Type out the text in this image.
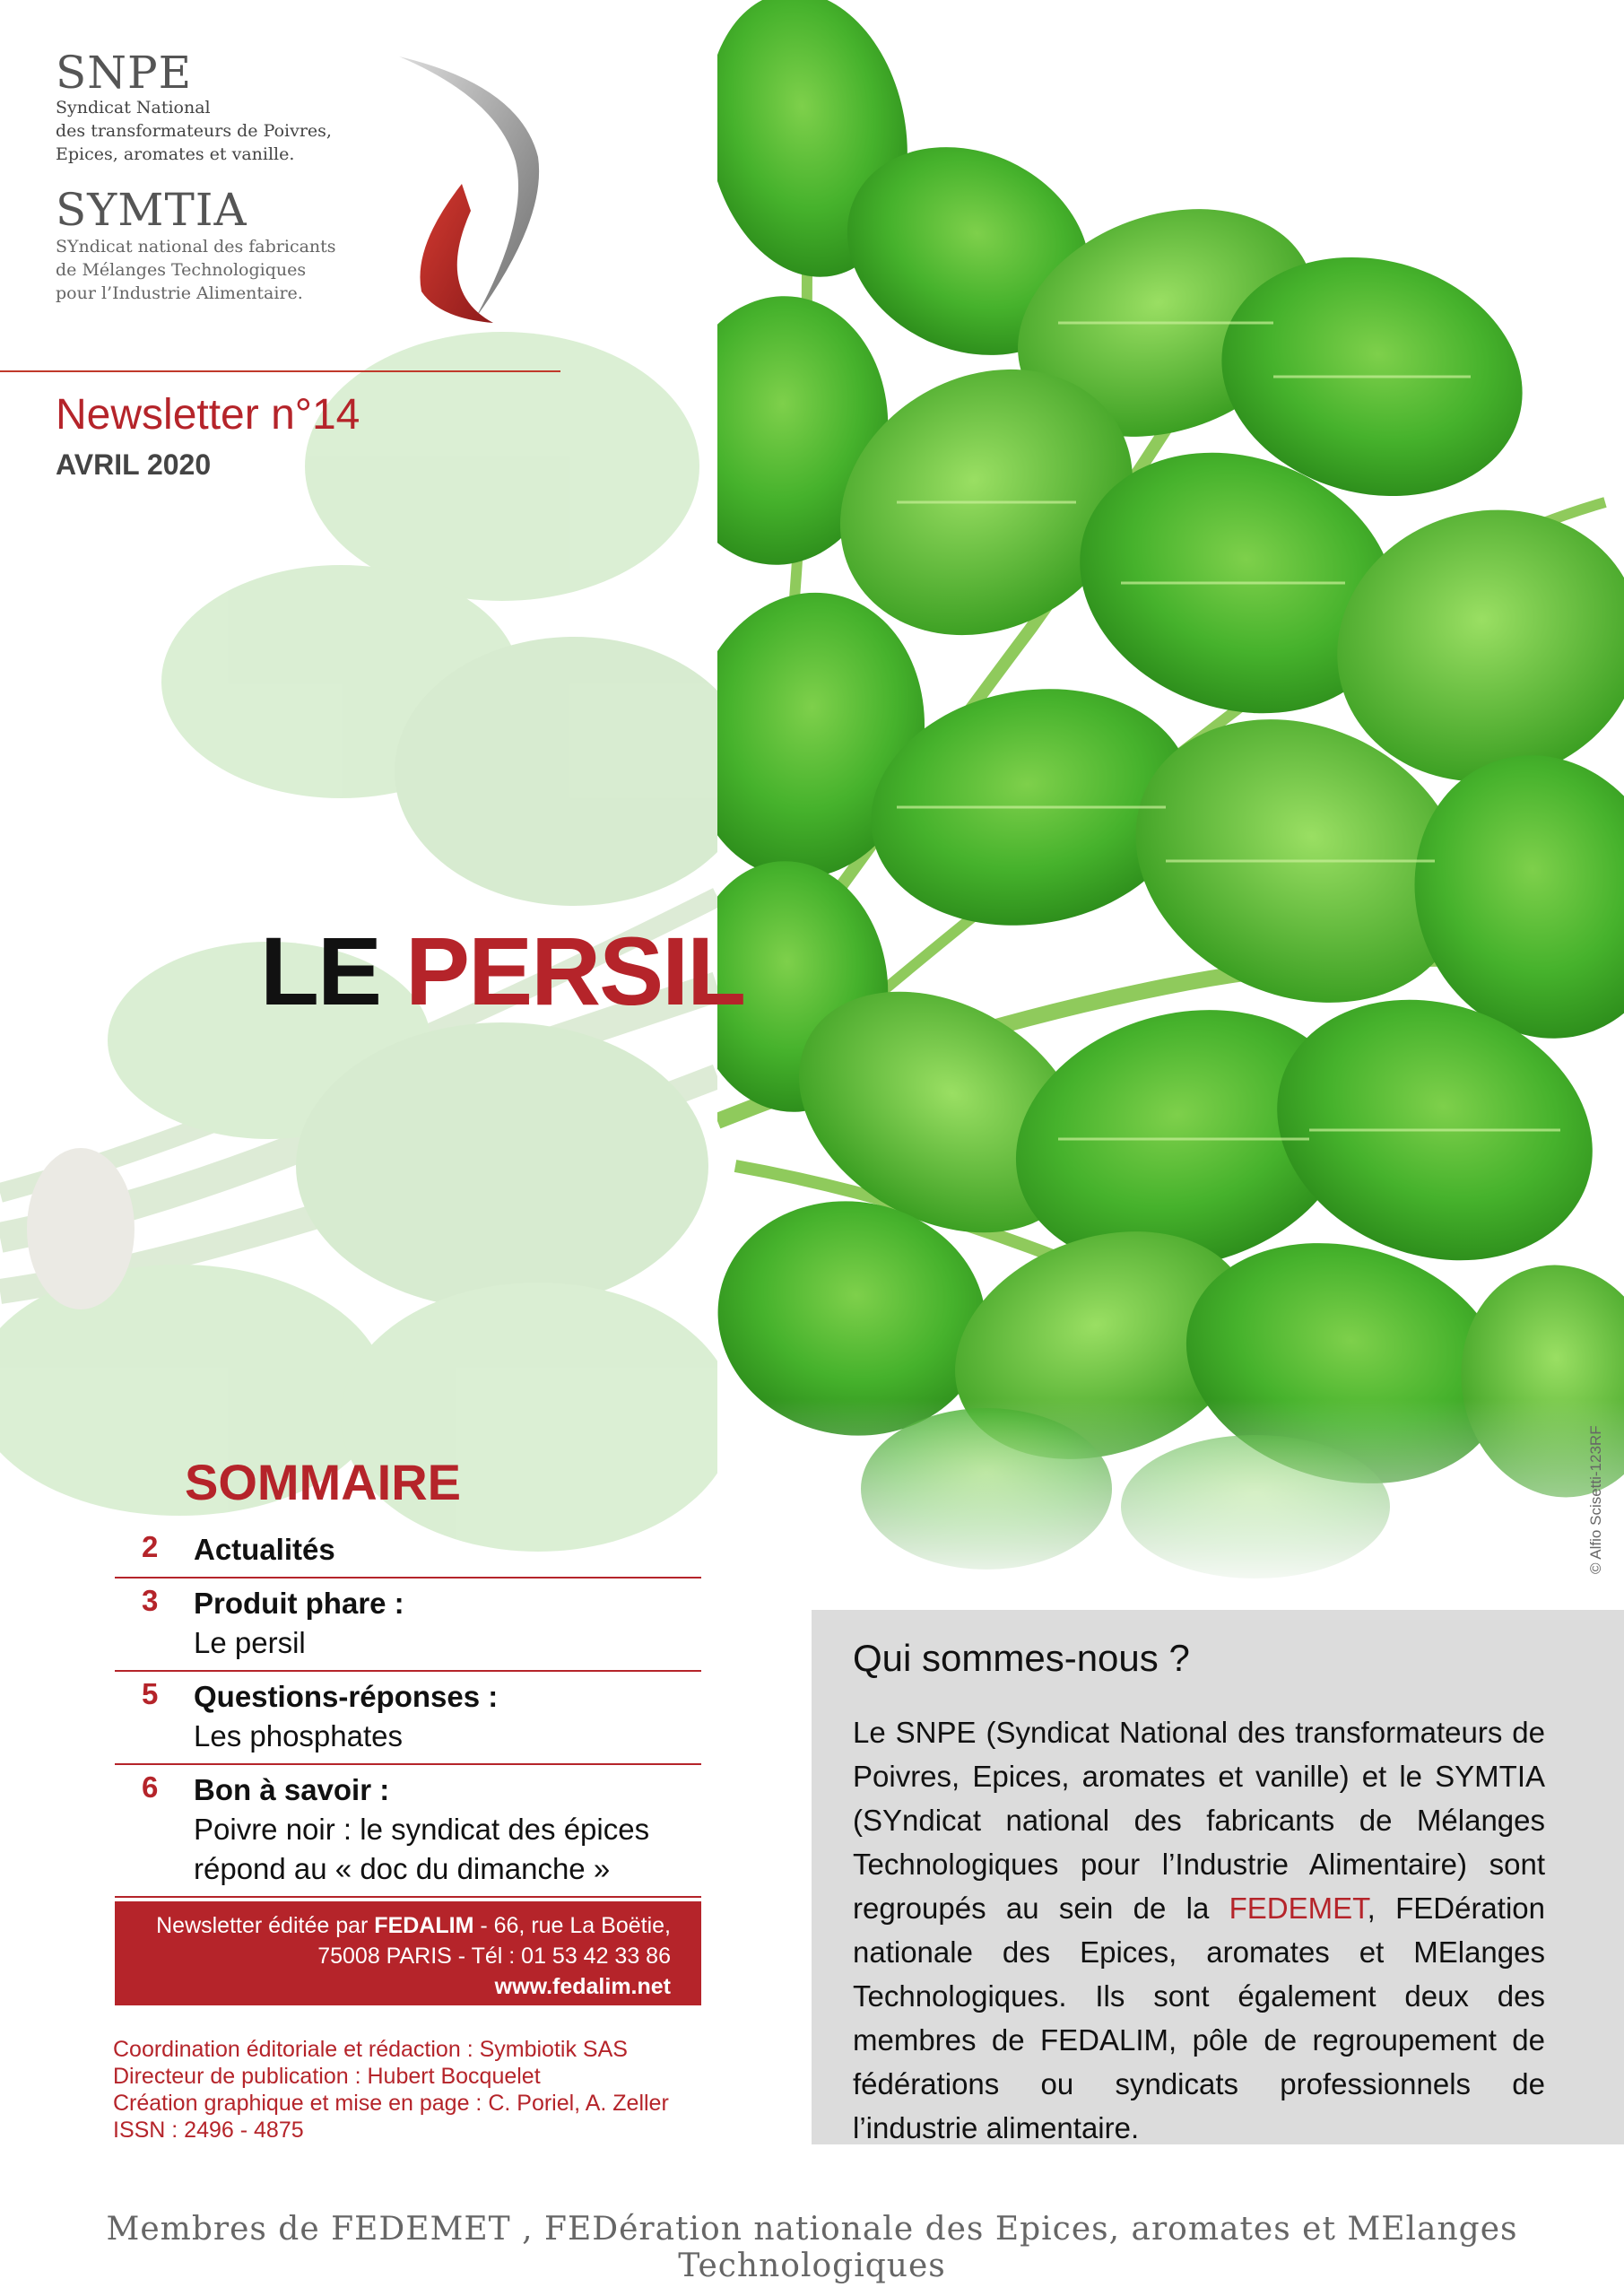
SNPE
Syndicat National
des transformateurs de Poivres,
Epices, aromates et vanille.
SYMTIA
SYndicat national des fabricants
de Mélanges Technologiques
pour l’Industrie Alimentaire.
Newsletter n°14
AVRIL 2020
LE PERSIL
SOMMAIRE
2 Actualités
3 Produit phare :
Le persil
5 Questions-réponses :
Les phosphates
6 Bon à savoir :
Poivre noir : le syndicat des épices répond au « doc du dimanche »
Newsletter éditée par FEDALIM - 66, rue La Boëtie,
75008 PARIS - Tél : 01 53 42 33 86
www.fedalim.net
Coordination éditoriale et rédaction : Symbiotik SAS
Directeur de publication : Hubert Bocquelet
Création graphique et mise en page : C. Poriel, A. Zeller
ISSN : 2496 - 4875
Qui sommes-nous ?

Le SNPE (Syndicat National des transformateurs de Poivres, Epices, aromates et vanille) et le SYMTIA (SYndicat national des fabricants de Mélanges Technologiques pour l’Industrie Alimentaire) sont regroupés au sein de la FEDEMET, FEDération nationale des Epices, aromates et MElanges Technologiques. Ils sont également deux des membres de FEDALIM, pôle de regroupement de fédérations ou syndicats professionnels de l’industrie alimentaire.

© Alfio Scisetti-123RF
Membres de FEDEMET , FEDération nationale des Epices, aromates et MElanges Technologiques
